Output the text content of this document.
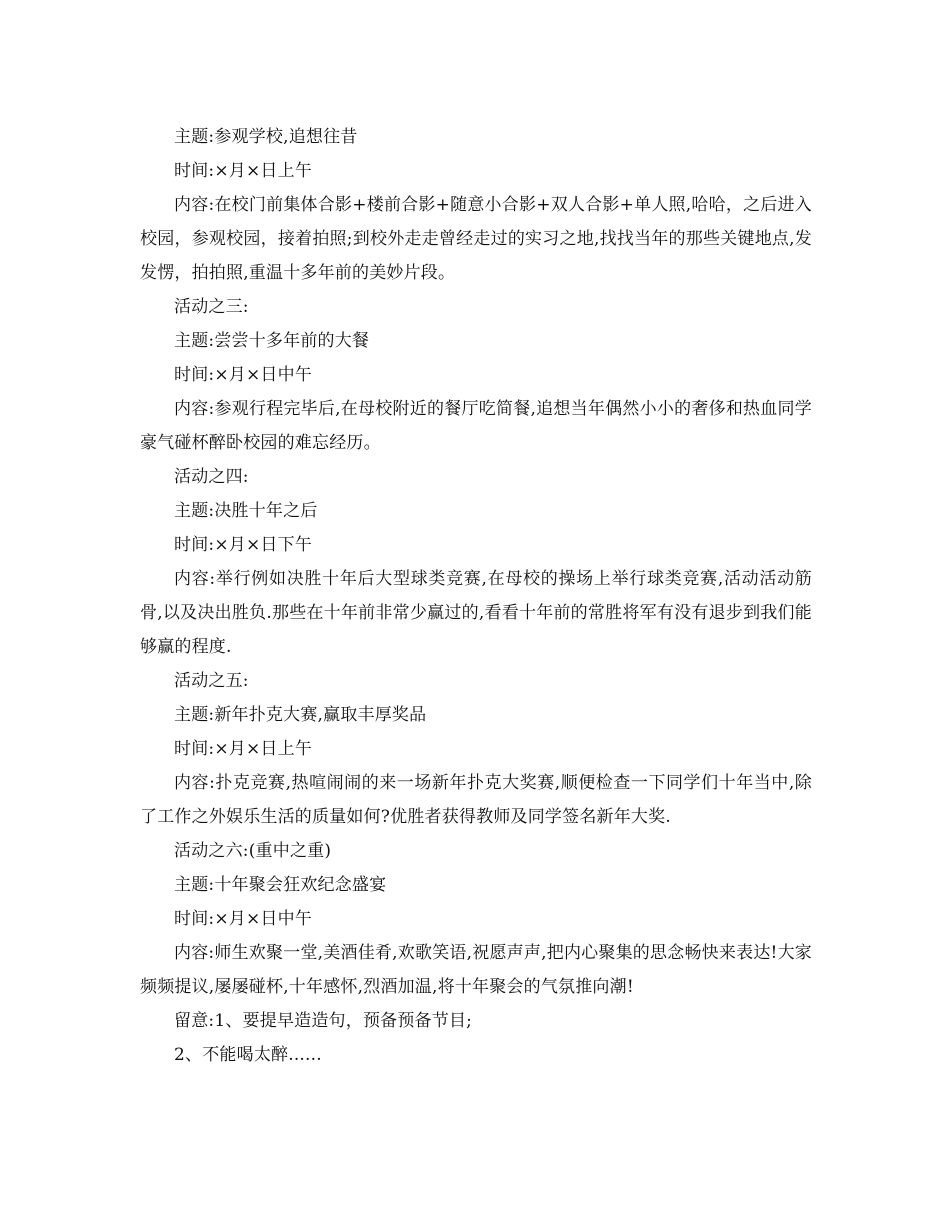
主题:参观学校,追想往昔

时间:×月×日上午

内容:在校门前集体合影+楼前合影+随意小合影+双人合影+单人照,哈哈，之后进入校园，参观校园，接着拍照;到校外走走曾经走过的实习之地,找找当年的那些关键地点,发发愣，拍拍照,重温十多年前的美妙片段。

活动之三:

主题:尝尝十多年前的大餐

时间:×月×日中午

内容:参观行程完毕后,在母校附近的餐厅吃简餐,追想当年偶然小小的奢侈和热血同学豪气碰杯醉卧校园的难忘经历。

活动之四:

主题:决胜十年之后

时间:×月×日下午

内容:举行例如决胜十年后大型球类竞赛,在母校的操场上举行球类竞赛,活动活动筋骨,以及决出胜负.那些在十年前非常少赢过的,看看十年前的常胜将军有没有退步到我们能够赢的程度.

活动之五:

主题:新年扑克大赛,赢取丰厚奖品

时间:×月×日上午

内容:扑克竞赛,热喧闹闹的来一场新年扑克大奖赛,顺便检查一下同学们十年当中,除了工作之外娱乐生活的质量如何?优胜者获得教师及同学签名新年大奖.

活动之六:(重中之重)

主题:十年聚会狂欢纪念盛宴

时间:×月×日中午

内容:师生欢聚一堂,美酒佳肴,欢歌笑语,祝愿声声,把内心聚集的思念畅快来表达!大家频频提议,屡屡碰杯,十年感怀,烈酒加温,将十年聚会的气氛推向潮!

留意:1、要提早造造句，预备预备节目;

2、不能喝太醉......
